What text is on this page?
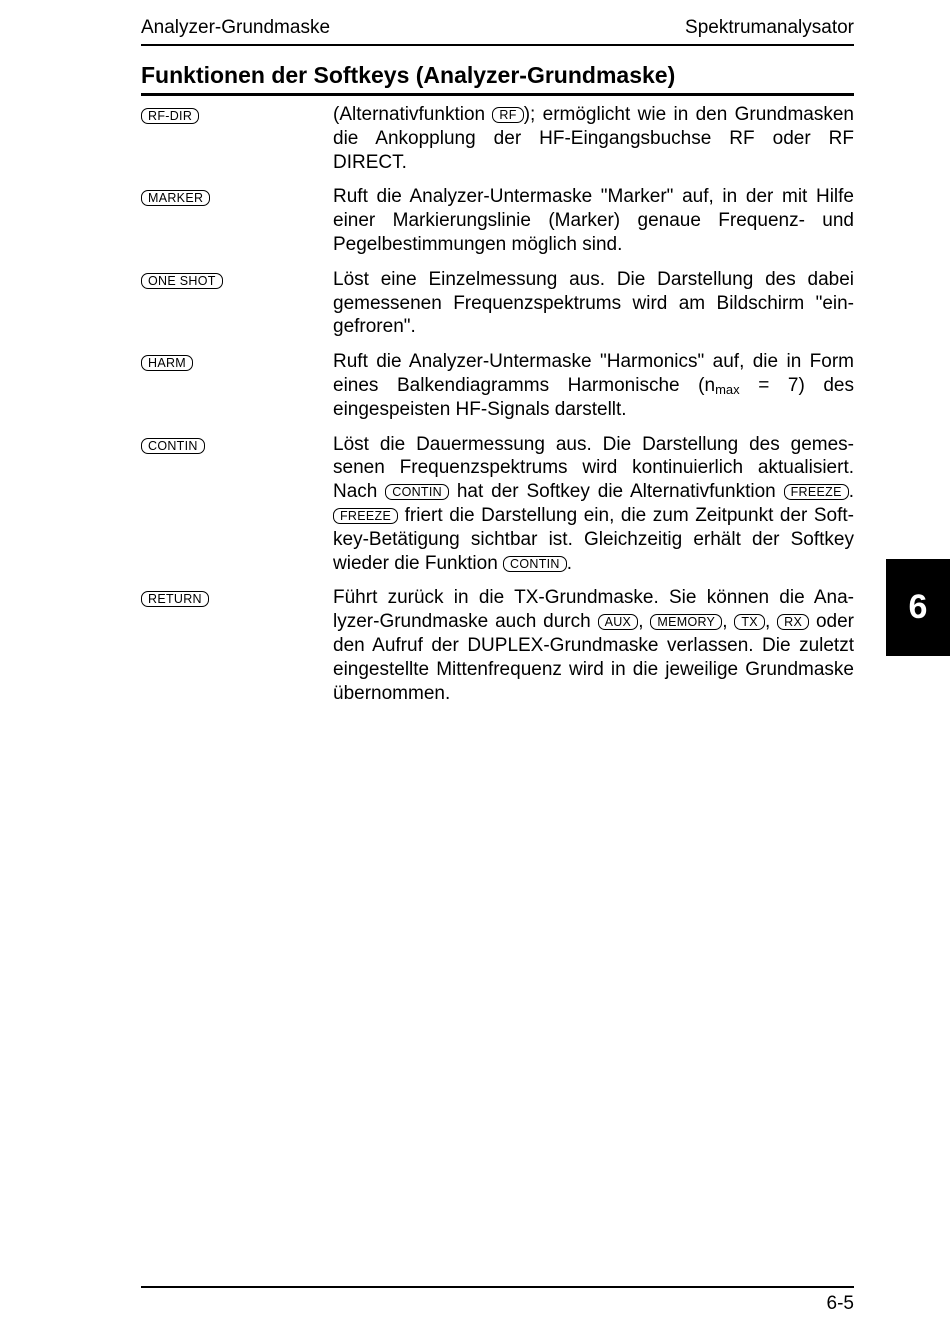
Analyzer-Grundmaske	Spektrumanalysator
Funktionen der Softkeys (Analyzer-Grundmaske)
RF-DIR	(Alternativfunktion RF ); ermöglicht wie in den Grundmasken die Ankopplung der HF-Eingangsbuchse RF oder RF DIRECT.
MARKER	Ruft die Analyzer-Untermaske "Marker" auf, in der mit Hilfe einer Markierungslinie (Marker) genaue Frequenz- und Pegelbestimmungen möglich sind.
ONE SHOT	Löst eine Einzelmessung aus. Die Darstellung des dabei gemessenen Frequenzspektrums wird am Bildschirm "eingefroren".
HARM	Ruft die Analyzer-Untermaske "Harmonics" auf, die in Form eines Balkendiagramms Harmonische $(n_{max} = 7)$ des eingespeisten HF-Signals darstellt.
CONTIN	Löst die Dauermessung aus. Die Darstellung des gemessenen Frequenzspektrums wird kontinuierlich aktualisiert. Nach CONTIN hat der Softkey die Alternativfunktion FREEZE . FREEZE friert die Darstellung ein, die zum Zeitpunkt der Softkey-Betätigung sichtbar ist. Gleichzeitig erhält der Softkey wieder die Funktion CONTIN .
RETURN	Führt zurück in die TX-Grundmaske. Sie können die Analyzer-Grundmaske auch durch AUX , MEMORY , TX , RX oder den Aufruf der DUPLEX-Grundmaske verlassen. Die zuletzt eingestellte Mittenfrequenz wird in die jeweilige Grundmaske übernommen.
6
6-5
